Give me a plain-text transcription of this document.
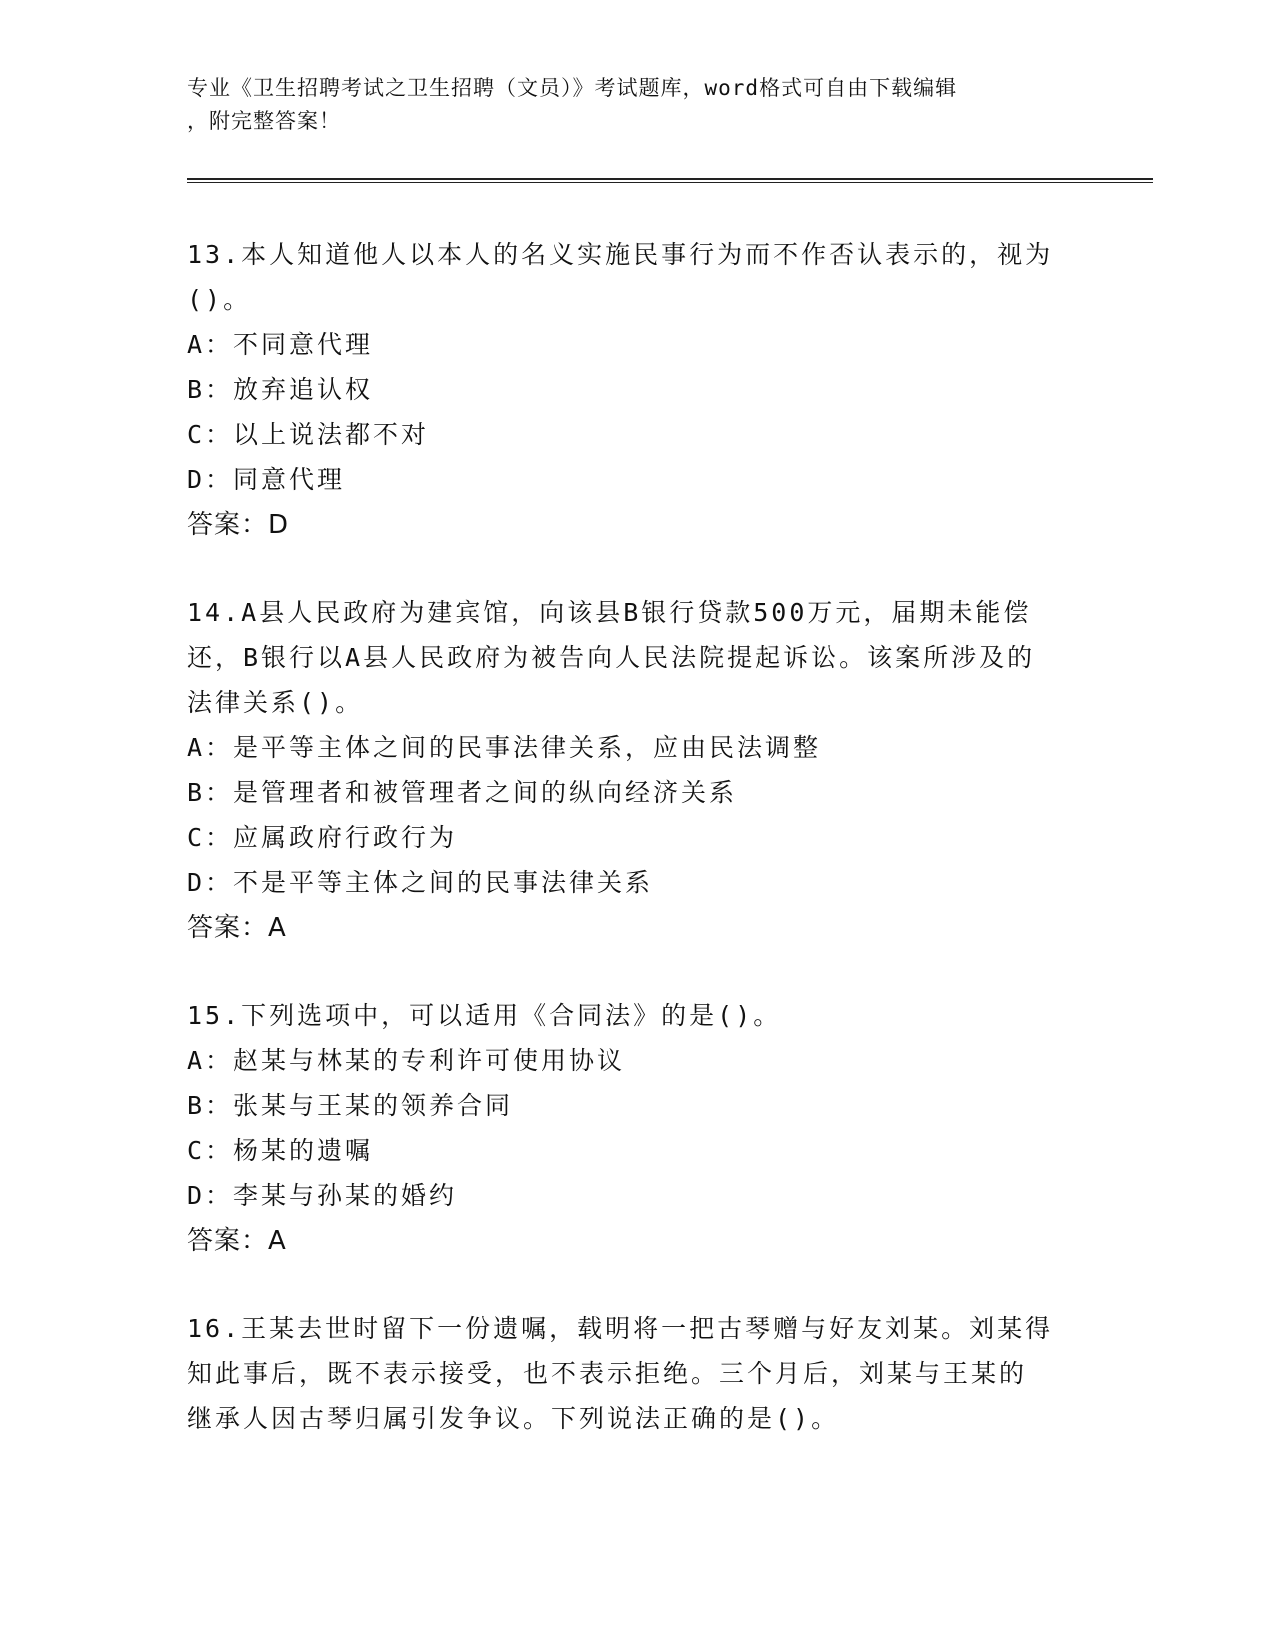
专业《卫生招聘考试之卫生招聘（文员）》考试题库，word格式可自由下载编辑
，附完整答案！
13.本人知道他人以本人的名义实施民事行为而不作否认表示的，视为
()。
A：不同意代理
B：放弃追认权
C：以上说法都不对
D：同意代理
答案：D
14.A县人民政府为建宾馆，向该县B银行贷款500万元，届期未能偿
还，B银行以A县人民政府为被告向人民法院提起诉讼。该案所涉及的
法律关系()。
A：是平等主体之间的民事法律关系，应由民法调整
B：是管理者和被管理者之间的纵向经济关系
C：应属政府行政行为
D：不是平等主体之间的民事法律关系
答案：A
15.下列选项中，可以适用《合同法》的是()。
A：赵某与林某的专利许可使用协议
B：张某与王某的领养合同
C：杨某的遗嘱
D：李某与孙某的婚约
答案：A
16.王某去世时留下一份遗嘱，载明将一把古琴赠与好友刘某。刘某得
知此事后，既不表示接受，也不表示拒绝。三个月后，刘某与王某的
继承人因古琴归属引发争议。下列说法正确的是()。
